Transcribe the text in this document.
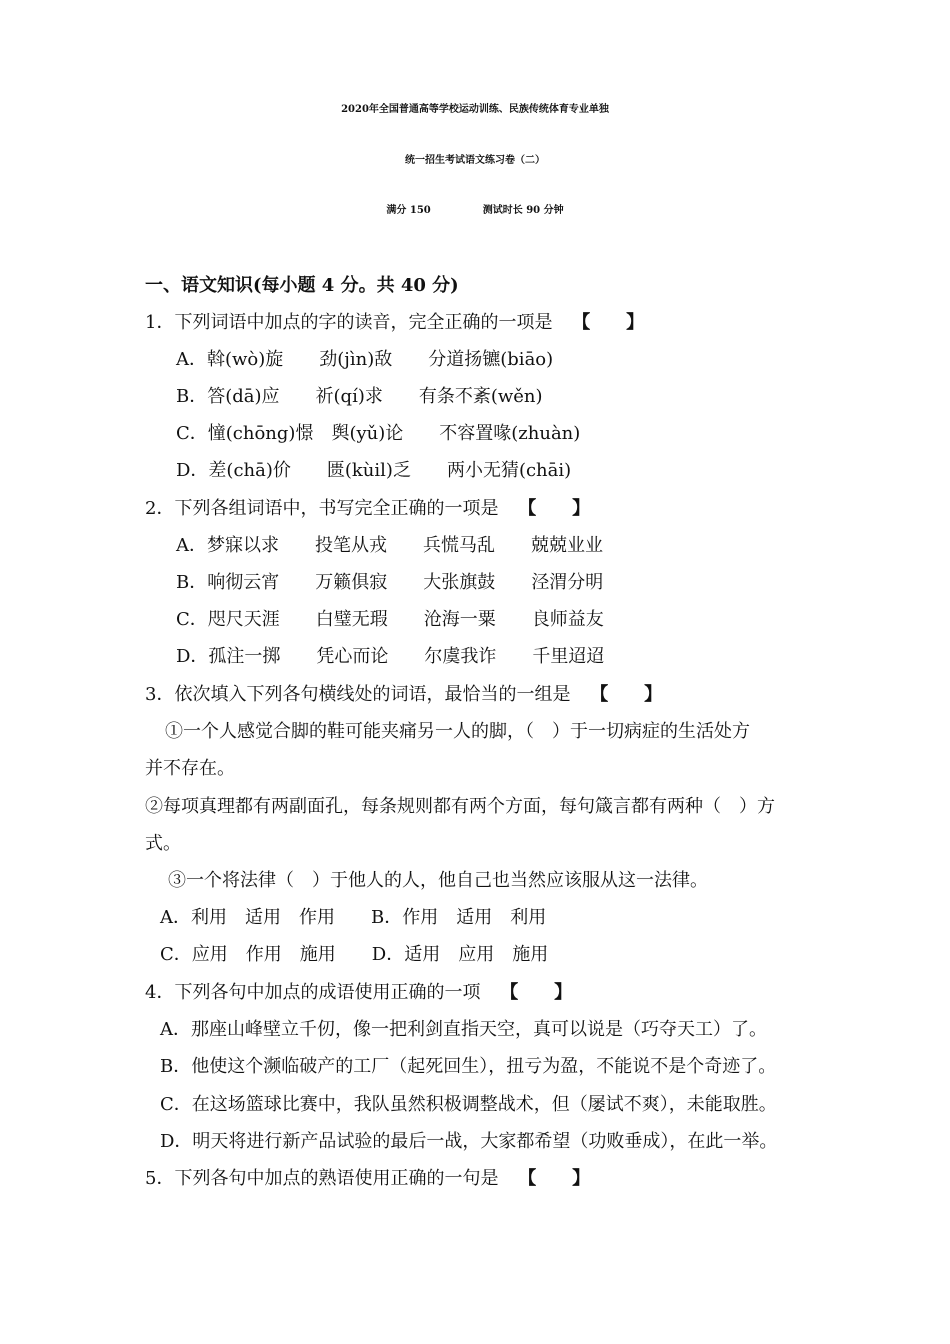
2020年全国普通高等学校运动训练、民族传统体育专业单独
统一招生考试语文练习卷（二）
满分 150	测试时长 90 分钟
一、语文知识(每小题 4 分。共 40 分)
1．下列词语中加点的字的读音，完全正确的一项是 【　　】
A．斡(wò)旋　　劲(jìn)敌　　分道扬镳(biāo)
B．答(dā)应　　祈(qí)求　　有条不紊(wěn)
C．憧(chōng)憬　舆(yǔ)论　　不容置喙(zhuàn)
D．差(chā)价　　匮(kùil)乏　　两小无猜(chāi)
2．下列各组词语中，书写完全正确的一项是 【　　】
A．梦寐以求　　投笔从戎　　兵慌马乱　　兢兢业业
B．响彻云宵　　万籁俱寂　　大张旗鼓　　泾渭分明
C．咫尺天涯　　白璧无瑕　　沧海一粟　　良师益友
D．孤注一掷　　凭心而论　　尔虞我诈　　千里迢迢
3．依次填入下列各句横线处的词语，最恰当的一组是 【　　】
①一个人感觉合脚的鞋可能夹痛另一人的脚，（　）于一切病症的生活处方
并不存在。
②每项真理都有两副面孔，每条规则都有两个方面，每句箴言都有两种（　）方
式。
③一个将法律（　）于他人的人，他自己也当然应该服从这一法律。
A．利用　适用　作用　　B．作用　适用　利用
C．应用　作用　施用　　D．适用　应用　施用
4．下列各句中加点的成语使用正确的一项 【　　】
A．那座山峰壁立千仞，像一把利剑直指天空，真可以说是（巧夺天工）了。
B．他使这个濒临破产的工厂（起死回生），扭亏为盈，不能说不是个奇迹了。
C．在这场篮球比赛中，我队虽然积极调整战术，但（屡试不爽），未能取胜。
D．明天将进行新产品试验的最后一战，大家都希望（功败垂成），在此一举。
5．下列各句中加点的熟语使用正确的一句是 【　　】
